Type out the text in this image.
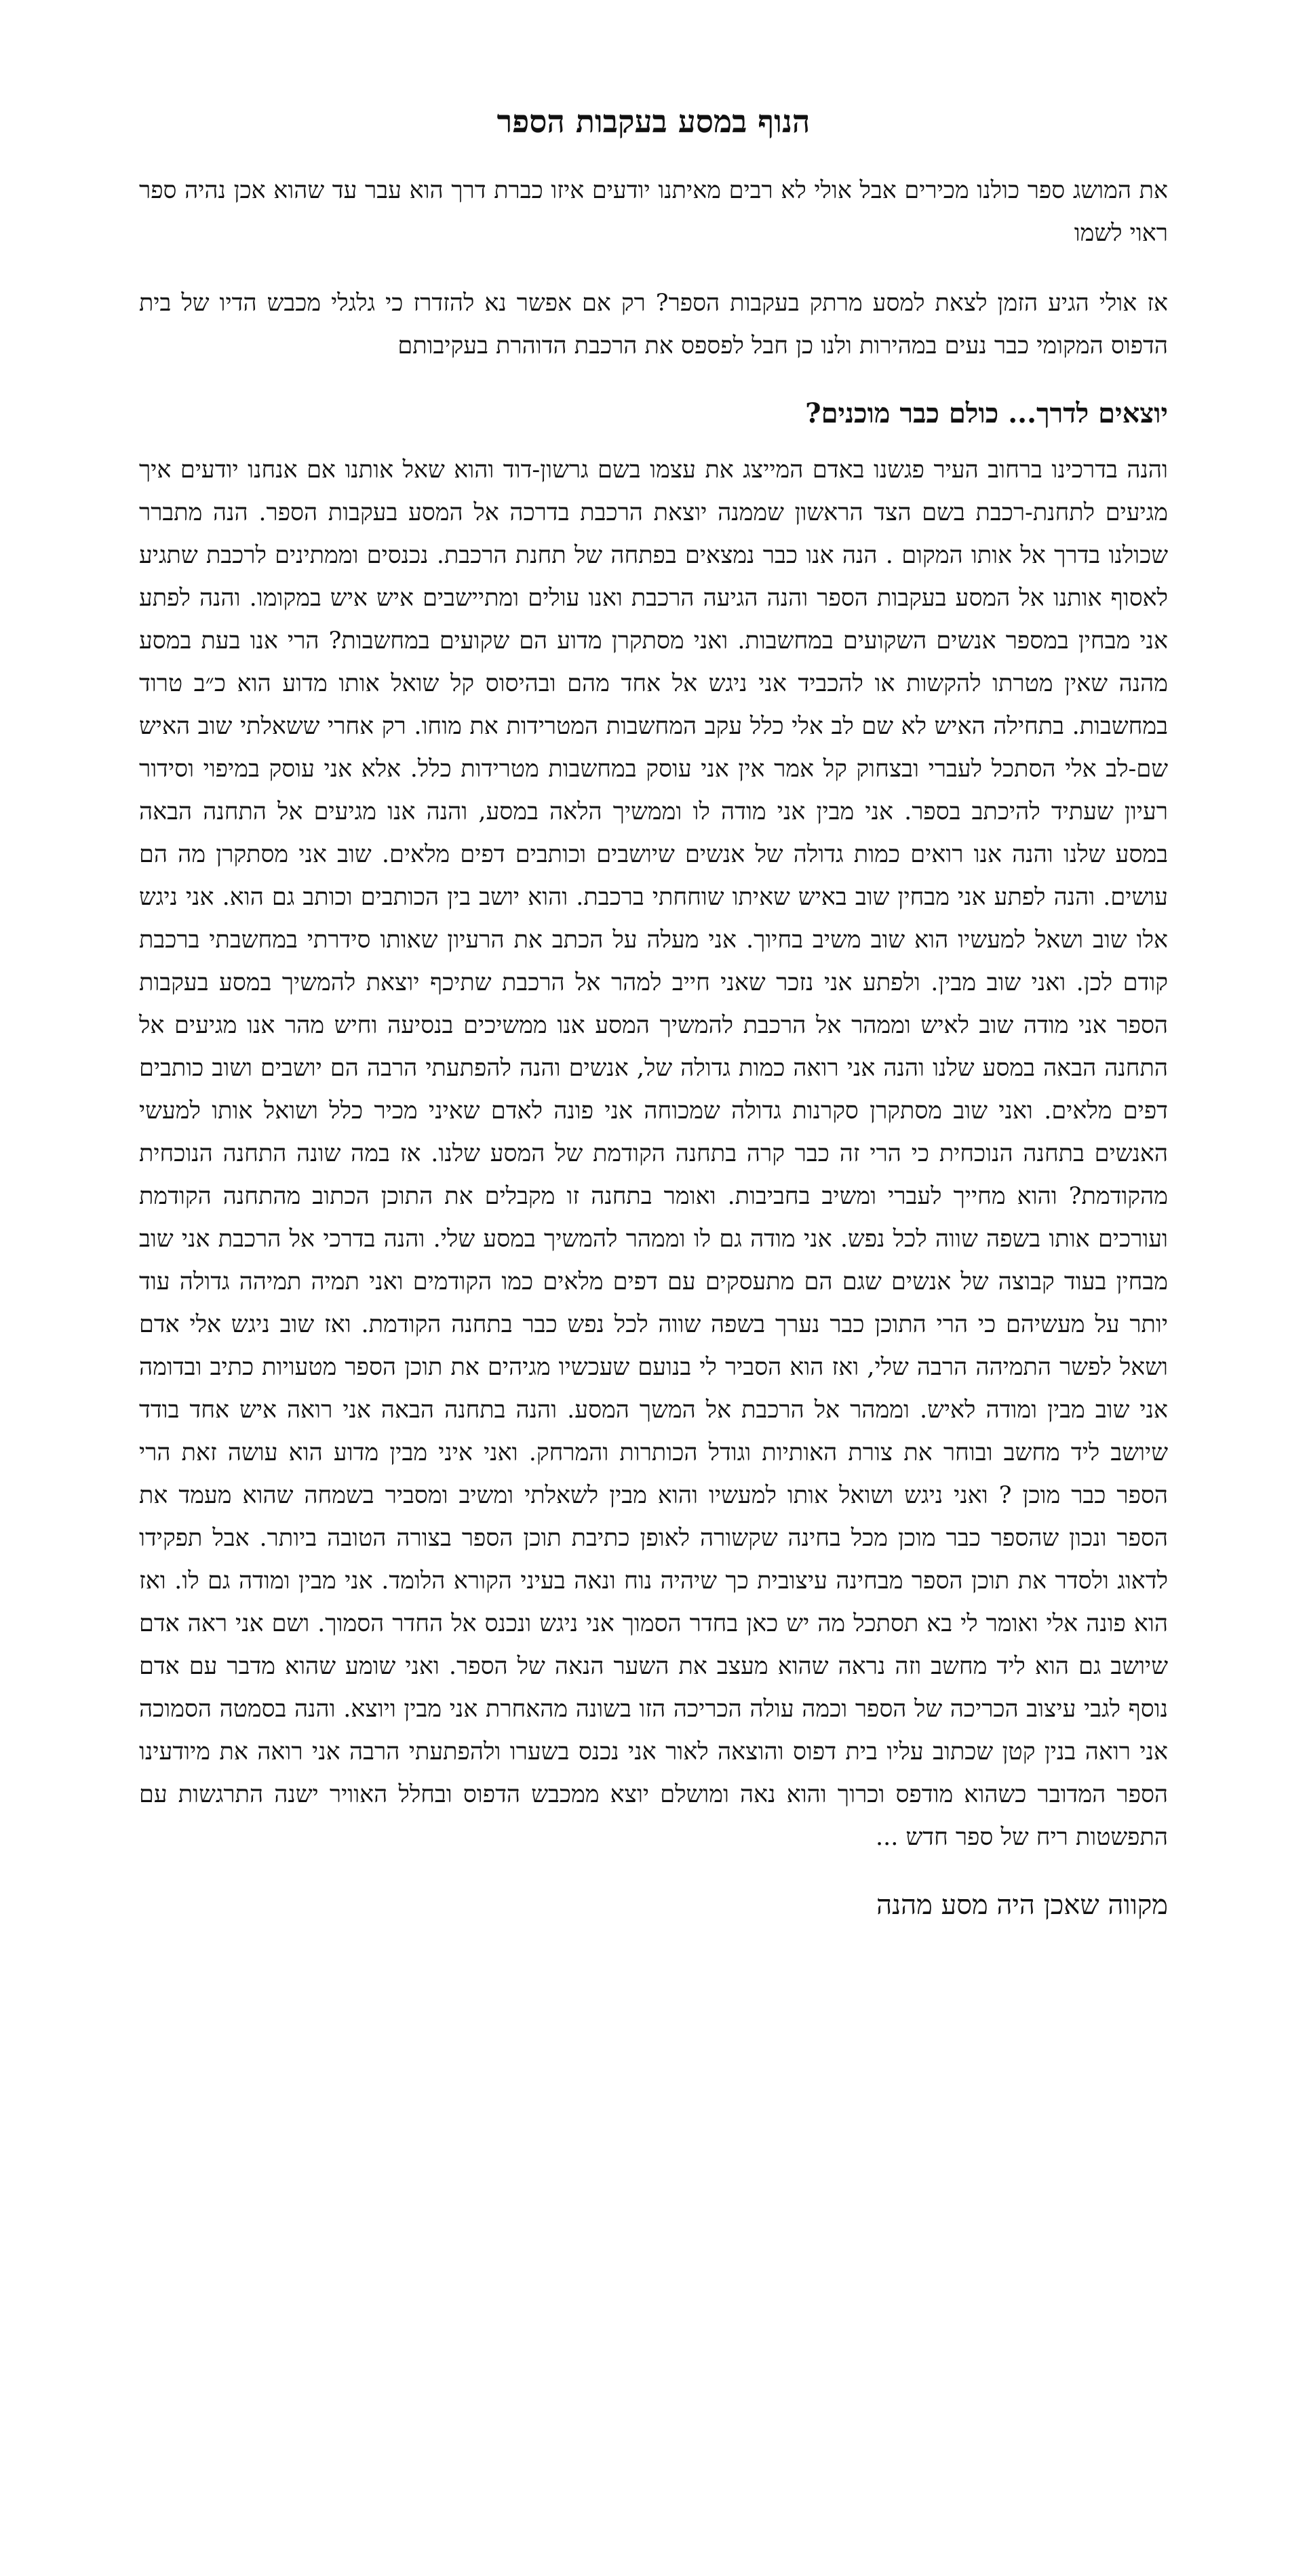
הנוף במסע בעקבות הספר

את המושג ספר כולנו מכירים אבל אולי לא רבים מאיתנו יודעים איזו כברת דרך הוא עבר עד שהוא אכן נהיה ספר ראוי לשמו

אז אולי הגיע הזמן לצאת למסע מרתק בעקבות הספר? רק אם אפשר נא להזדרז כי גלגלי מכבש הדיו של בית הדפוס המקומי כבר נעים במהירות ולנו כן חבל לפספס את הרכבת הדוהרת בעקיבותם

יוצאים לדרך... כולם כבר מוכנים?

והנה בדרכינו ברחוב העיר פגשנו באדם המייצג את עצמו בשם גרשון-דוד והוא שאל אותנו אם אנחנו יודעים איך מגיעים לתחנת-רכבת בשם הצד הראשון שממנה יוצאת הרכבת בדרכה אל המסע בעקבות הספר. הנה מתברר שכולנו בדרך אל אותו המקום . הנה אנו כבר נמצאים בפתחה של תחנת הרכבת. נכנסים וממתינים לרכבת שתגיע לאסוף אותנו אל המסע בעקבות הספר והנה הגיעה הרכבת ואנו עולים ומתיישבים איש איש במקומו. והנה לפתע אני מבחין במספר אנשים השקועים במחשבות. ואני מסתקרן מדוע הם שקועים במחשבות? הרי אנו בעת במסע מהנה שאין מטרתו להקשות או להכביד אני ניגש אל אחד מהם ובהיסוס קל שואל אותו מדוע הוא כ״ב טרוד במחשבות. בתחילה האיש לא שם לב אלי כלל עקב המחשבות המטרידות את מוחו. רק אחרי ששאלתי שוב האיש שם-לב אלי הסתכל לעברי ובצחוק קל אמר אין אני עוסק במחשבות מטרידות כלל. אלא אני עוסק במיפוי וסידור רעיון שעתיד להיכתב בספר. אני מבין אני מודה לו וממשיך הלאה במסע, והנה אנו מגיעים אל התחנה הבאה במסע שלנו והנה אנו רואים כמות גדולה של אנשים שיושבים וכותבים דפים מלאים. שוב אני מסתקרן מה הם עושים. והנה לפתע אני מבחין שוב באיש שאיתו שוחחתי ברכבת. והוא יושב בין הכותבים וכותב גם הוא. אני ניגש אלו שוב ושאל למעשיו הוא שוב משיב בחיוך. אני מעלה על הכתב את הרעיון שאותו סידרתי במחשבתי ברכבת קודם לכן. ואני שוב מבין. ולפתע אני נזכר שאני חייב למהר אל הרכבת שתיכף יוצאת להמשיך במסע בעקבות הספר אני מודה שוב לאיש וממהר אל הרכבת להמשיך המסע אנו ממשיכים בנסיעה וחיש מהר אנו מגיעים אל התחנה הבאה במסע שלנו והנה אני רואה כמות גדולה של, אנשים והנה להפתעתי הרבה הם יושבים ושוב כותבים דפים מלאים. ואני שוב מסתקרן סקרנות גדולה שמכוחה אני פונה לאדם שאיני מכיר כלל ושואל אותו למעשי האנשים בתחנה הנוכחית כי הרי זה כבר קרה בתחנה הקודמת של המסע שלנו. אז במה שונה התחנה הנוכחית מהקודמת? והוא מחייך לעברי ומשיב בחביבות. ואומר בתחנה זו מקבלים את התוכן הכתוב מהתחנה הקודמת ועורכים אותו בשפה שווה לכל נפש. אני מודה גם לו וממהר להמשיך במסע שלי. והנה בדרכי אל הרכבת אני שוב מבחין בעוד קבוצה של אנשים שגם הם מתעסקים עם דפים מלאים כמו הקודמים ואני תמיה תמיהה גדולה עוד יותר על מעשיהם כי הרי התוכן כבר נערך בשפה שווה לכל נפש כבר בתחנה הקודמת. ואז שוב ניגש אלי אדם ושאל לפשר התמיהה הרבה שלי, ואז הוא הסביר לי בנועם שעכשיו מגיהים את תוכן הספר מטעויות כתיב ובדומה אני שוב מבין ומודה לאיש. וממהר אל הרכבת אל המשך המסע. והנה בתחנה הבאה אני רואה איש אחד בודד שיושב ליד מחשב ובוחר את צורת האותיות וגודל הכותרות והמרחק. ואני איני מבין מדוע הוא עושה זאת הרי הספר כבר מוכן ? ואני ניגש ושואל אותו למעשיו והוא מבין לשאלתי ומשיב ומסביר בשמחה שהוא מעמד את הספר ונכון שהספר כבר מוכן מכל בחינה שקשורה לאופן כתיבת תוכן הספר בצורה הטובה ביותר. אבל תפקידו לדאוג ולסדר את תוכן הספר מבחינה עיצובית כך שיהיה נוח ונאה בעיני הקורא הלומד. אני מבין ומודה גם לו. ואז הוא פונה אלי ואומר לי בא תסתכל מה יש כאן בחדר הסמוך אני ניגש ונכנס אל החדר הסמוך. ושם אני ראה אדם שיושב גם הוא ליד מחשב וזה נראה שהוא מעצב את השער הנאה של הספר. ואני שומע שהוא מדבר עם אדם נוסף לגבי עיצוב הכריכה של הספר וכמה עולה הכריכה הזו בשונה מהאחרת אני מבין ויוצא. והנה בסמטה הסמוכה אני רואה בנין קטן שכתוב עליו בית דפוס והוצאה לאור אני נכנס בשערו ולהפתעתי הרבה אני רואה את מיודעינו הספר המדובר כשהוא מודפס וכרוך והוא נאה ומושלם יוצא ממכבש הדפוס ובחלל האוויר ישנה התרגשות עם התפשטות ריח של ספר חדש ...

מקווה שאכן היה מסע מהנה
